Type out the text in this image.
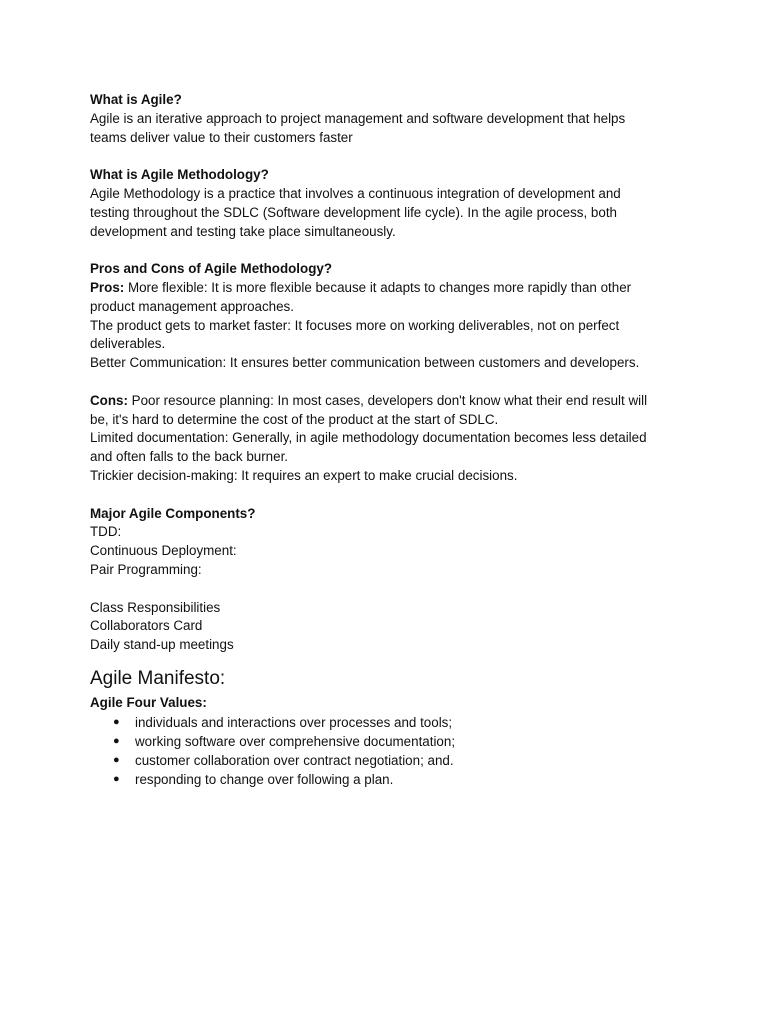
What is Agile?

Agile is an iterative approach to project management and software development that helps

teams deliver value to their customers faster

What is Agile Methodology?

Agile Methodology is a practice that involves a continuous integration of development and

testing throughout the SDLC (Software development life cycle). In the agile process, both

development and testing take place simultaneously.

Pros and Cons of Agile Methodology?

Pros: More flexible: It is more flexible because it adapts to changes more rapidly than other

product management approaches.

The product gets to market faster: It focuses more on working deliverables, not on perfect

deliverables.

Better Communication: It ensures better communication between customers and developers.

Cons: Poor resource planning: In most cases, developers don't know what their end result will

be, it's hard to determine the cost of the product at the start of SDLC.

Limited documentation: Generally, in agile methodology documentation becomes less detailed

and often falls to the back burner.

Trickier decision-making: It requires an expert to make crucial decisions.

Major Agile Components?

TDD:

Continuous Deployment:

Pair Programming:

Class Responsibilities

Collaborators Card

Daily stand-up meetings

Agile Manifesto:

Agile Four Values:

● individuals and interactions over processes and tools;
● working software over comprehensive documentation;
● customer collaboration over contract negotiation; and.
● responding to change over following a plan.
